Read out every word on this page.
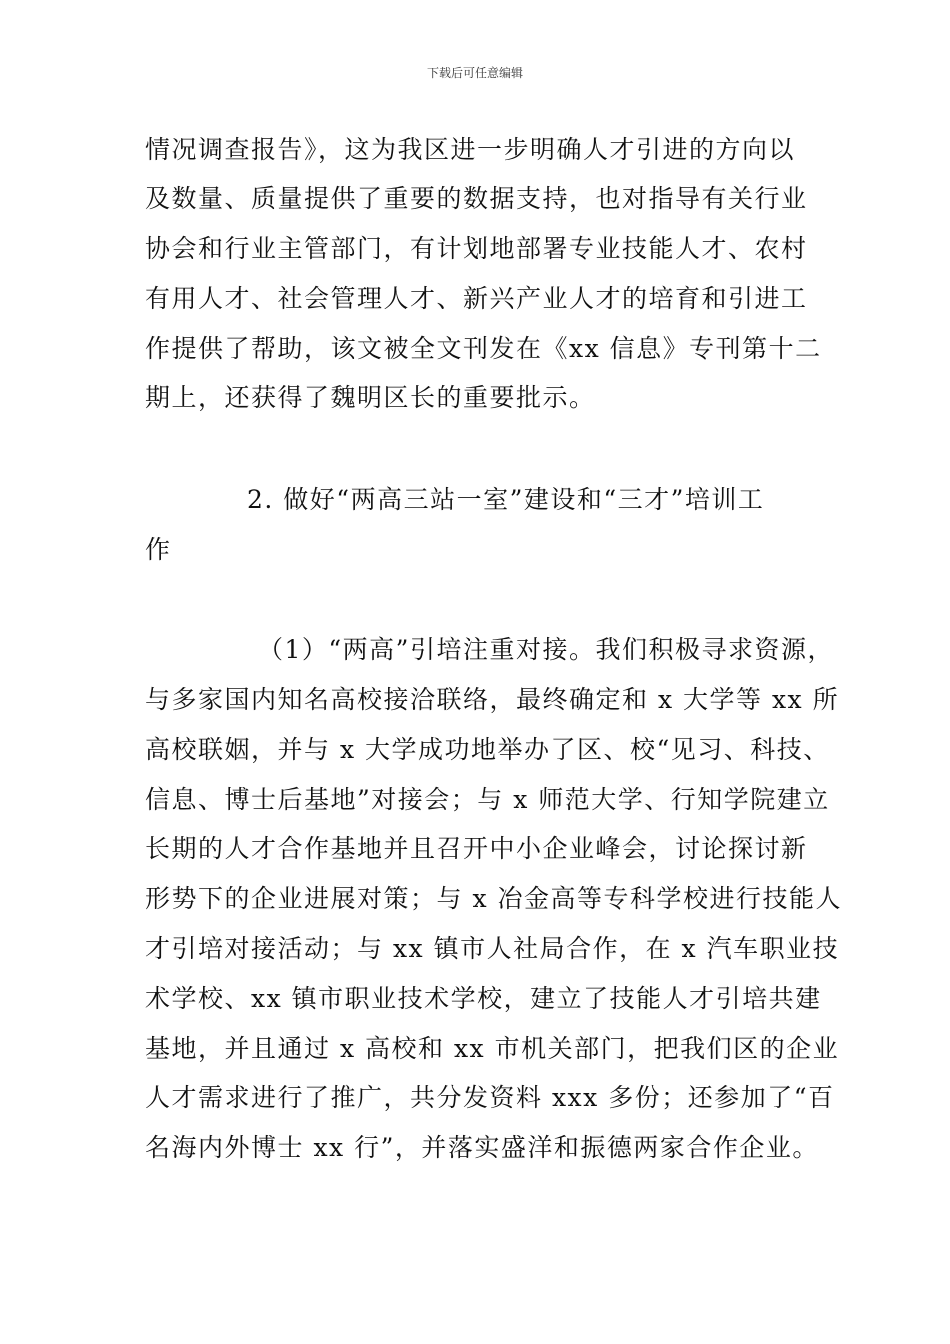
下载后可任意编辑
情况调查报告》，这为我区进一步明确人才引进的方向以
及数量、质量提供了重要的数据支持，也对指导有关行业
协会和行业主管部门，有计划地部署专业技能人才、农村
有用人才、社会管理人才、新兴产业人才的培育和引进工
作提供了帮助，该文被全文刊发在《xx 信息》专刊第十二
期上，还获得了魏明区长的重要批示。
2. 做好“两高三站一室”建设和“三才”培训工
作
（1）“两高”引培注重对接。我们积极寻求资源，
与多家国内知名高校接洽联络，最终确定和 x 大学等 xx 所
高校联姻，并与 x 大学成功地举办了区、校“见习、科技、
信息、博士后基地”对接会；与 x 师范大学、行知学院建立
长期的人才合作基地并且召开中小企业峰会，讨论探讨新
形势下的企业进展对策；与 x 冶金高等专科学校进行技能人
才引培对接活动；与 xx 镇市人社局合作，在 x 汽车职业技
术学校、xx 镇市职业技术学校，建立了技能人才引培共建
基地，并且通过 x 高校和 xx 市机关部门，把我们区的企业
人才需求进行了推广，共分发资料 xxx 多份；还参加了“百
名海内外博士 xx 行”，并落实盛洋和振德两家合作企业。
